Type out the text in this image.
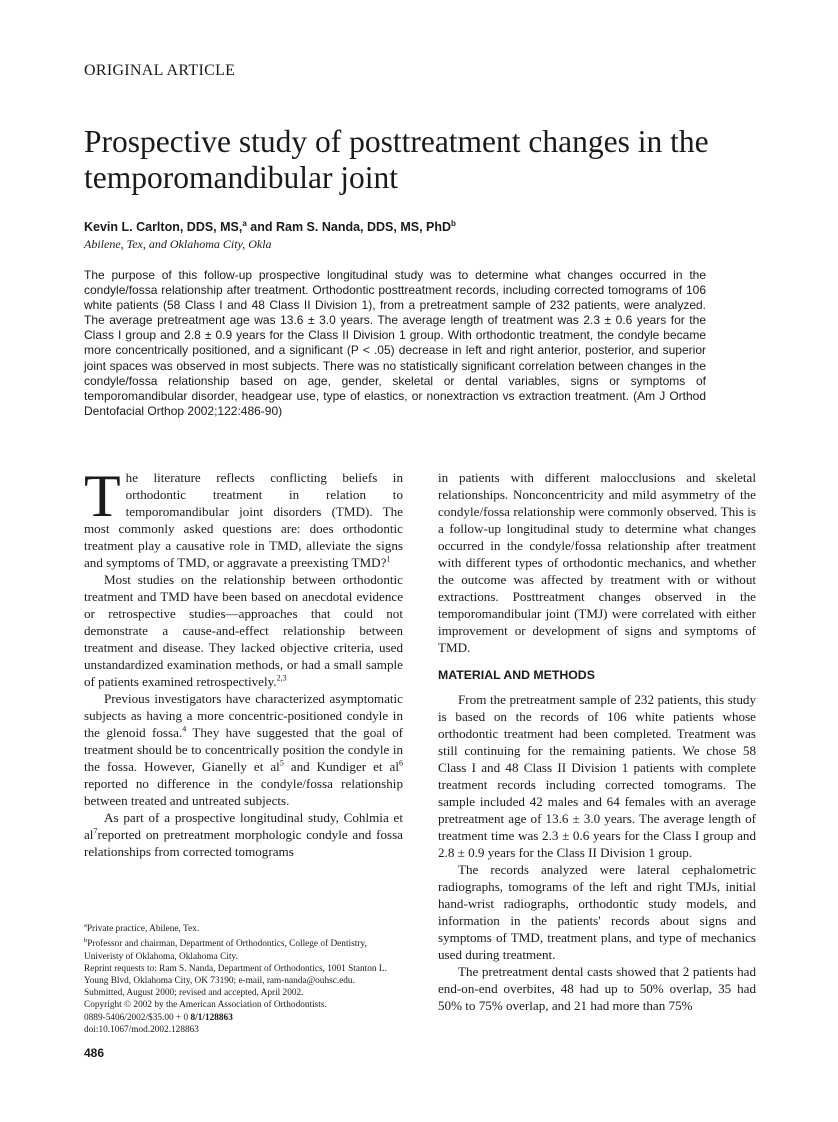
ORIGINAL ARTICLE
Prospective study of posttreatment changes in the temporomandibular joint
Kevin L. Carlton, DDS, MS,$^a$ and Ram S. Nanda, DDS, MS, PhD$^b$
Abilene, Tex, and Oklahoma City, Okla

The purpose of this follow-up prospective longitudinal study was to determine what changes occurred in the condyle/fossa relationship after treatment. Orthodontic posttreatment records, including corrected tomograms of 106 white patients (58 Class I and 48 Class II Division 1), from a pretreatment sample of 232 patients, were analyzed. The average pretreatment age was 13.6 ± 3.0 years. The average length of treatment was 2.3 ± 0.6 years for the Class I group and 2.8 ± 0.9 years for the Class II Division 1 group. With orthodontic treatment, the condyle became more concentrically positioned, and a significant (P < .05) decrease in left and right anterior, posterior, and superior joint spaces was observed in most subjects. There was no statistically significant correlation between changes in the condyle/fossa relationship based on age, gender, skeletal or dental variables, signs or symptoms of temporomandibular disorder, headgear use, type of elastics, or nonextraction vs extraction treatment. (Am J Orthod Dentofacial Orthop 2002;122:486-90)

The literature reflects conflicting beliefs in orthodontic treatment in relation to temporomandibular joint disorders (TMD). The most commonly asked questions are: does orthodontic treatment play a causative role in TMD, alleviate the signs and symptoms of TMD, or aggravate a preexisting TMD?$^1$

Most studies on the relationship between orthodontic treatment and TMD have been based on anecdotal evidence or retrospective studies—approaches that could not demonstrate a cause-and-effect relationship between treatment and disease. They lacked objective criteria, used unstandardized examination methods, or had a small sample of patients examined retrospectively.$^{2,3}$

Previous investigators have characterized asymptomatic subjects as having a more concentric-positioned condyle in the glenoid fossa.$^4$ They have suggested that the goal of treatment should be to concentrically position the condyle in the fossa. However, Gianelly et $al^5$ and Kundiger et $al^6$ reported no difference in the condyle/fossa relationship between treated and untreated subjects.

As part of a prospective longitudinal study, Cohlmia et $al^7reported$ on pretreatment morphologic condyle and fossa relationships from corrected tomograms

in patients with different malocclusions and skeletal relationships. Nonconcentricity and mild asymmetry of the condyle/fossa relationship were commonly observed. This is a follow-up longitudinal study to determine what changes occurred in the condyle/fossa relationship after treatment with different types of orthodontic mechanics, and whether the outcome was affected by treatment with or without extractions. Posttreatment changes observed in the temporomandibular joint (TMJ) were correlated with either improvement or development of signs and symptoms of TMD.

MATERIAL AND METHODS

From the pretreatment sample of 232 patients, this study is based on the records of 106 white patients whose orthodontic treatment had been completed. Treatment was still continuing for the remaining patients. We chose 58 Class I and 48 Class II Division 1 patients with complete treatment records including corrected tomograms. The sample included 42 males and 64 females with an average pretreatment age of 13.6 ± 3.0 years. The average length of treatment time was 2.3 ± 0.6 years for the Class I group and 2.8 ± 0.9 years for the Class II Division 1 group.

The records analyzed were lateral cephalometric radiographs, tomograms of the left and right TMJs, initial hand-wrist radiographs, orthodontic study models, and information in the patients' records about signs and symptoms of TMD, treatment plans, and type of mechanics used during treatment.

The pretreatment dental casts showed that 2 patients had end-on-end overbites, 48 had up to 50% overlap, 35 had 50% to 75% overlap, and 21 had more than 75%

$^a$Private practice, Abilene, Tex.
$^b$Professor and chairman, Department of Orthodontics, College of Dentistry, Univeristy of Oklahoma, Oklahoma City.
Reprint requests to: Ram S. Nanda, Department of Orthodontics, 1001 Stanton L. Young Blvd, Oklahoma City, OK 73190; e-mail, ram-nanda@ouhsc.edu.
Submitted, August 2000; revised and accepted, April 2002.
Copyright © 2002 by the American Association of Orthodontists.
0889-5406/2002/$35.00 + 0 8/1/128863
doi:10.1067/mod.2002.128863
486
